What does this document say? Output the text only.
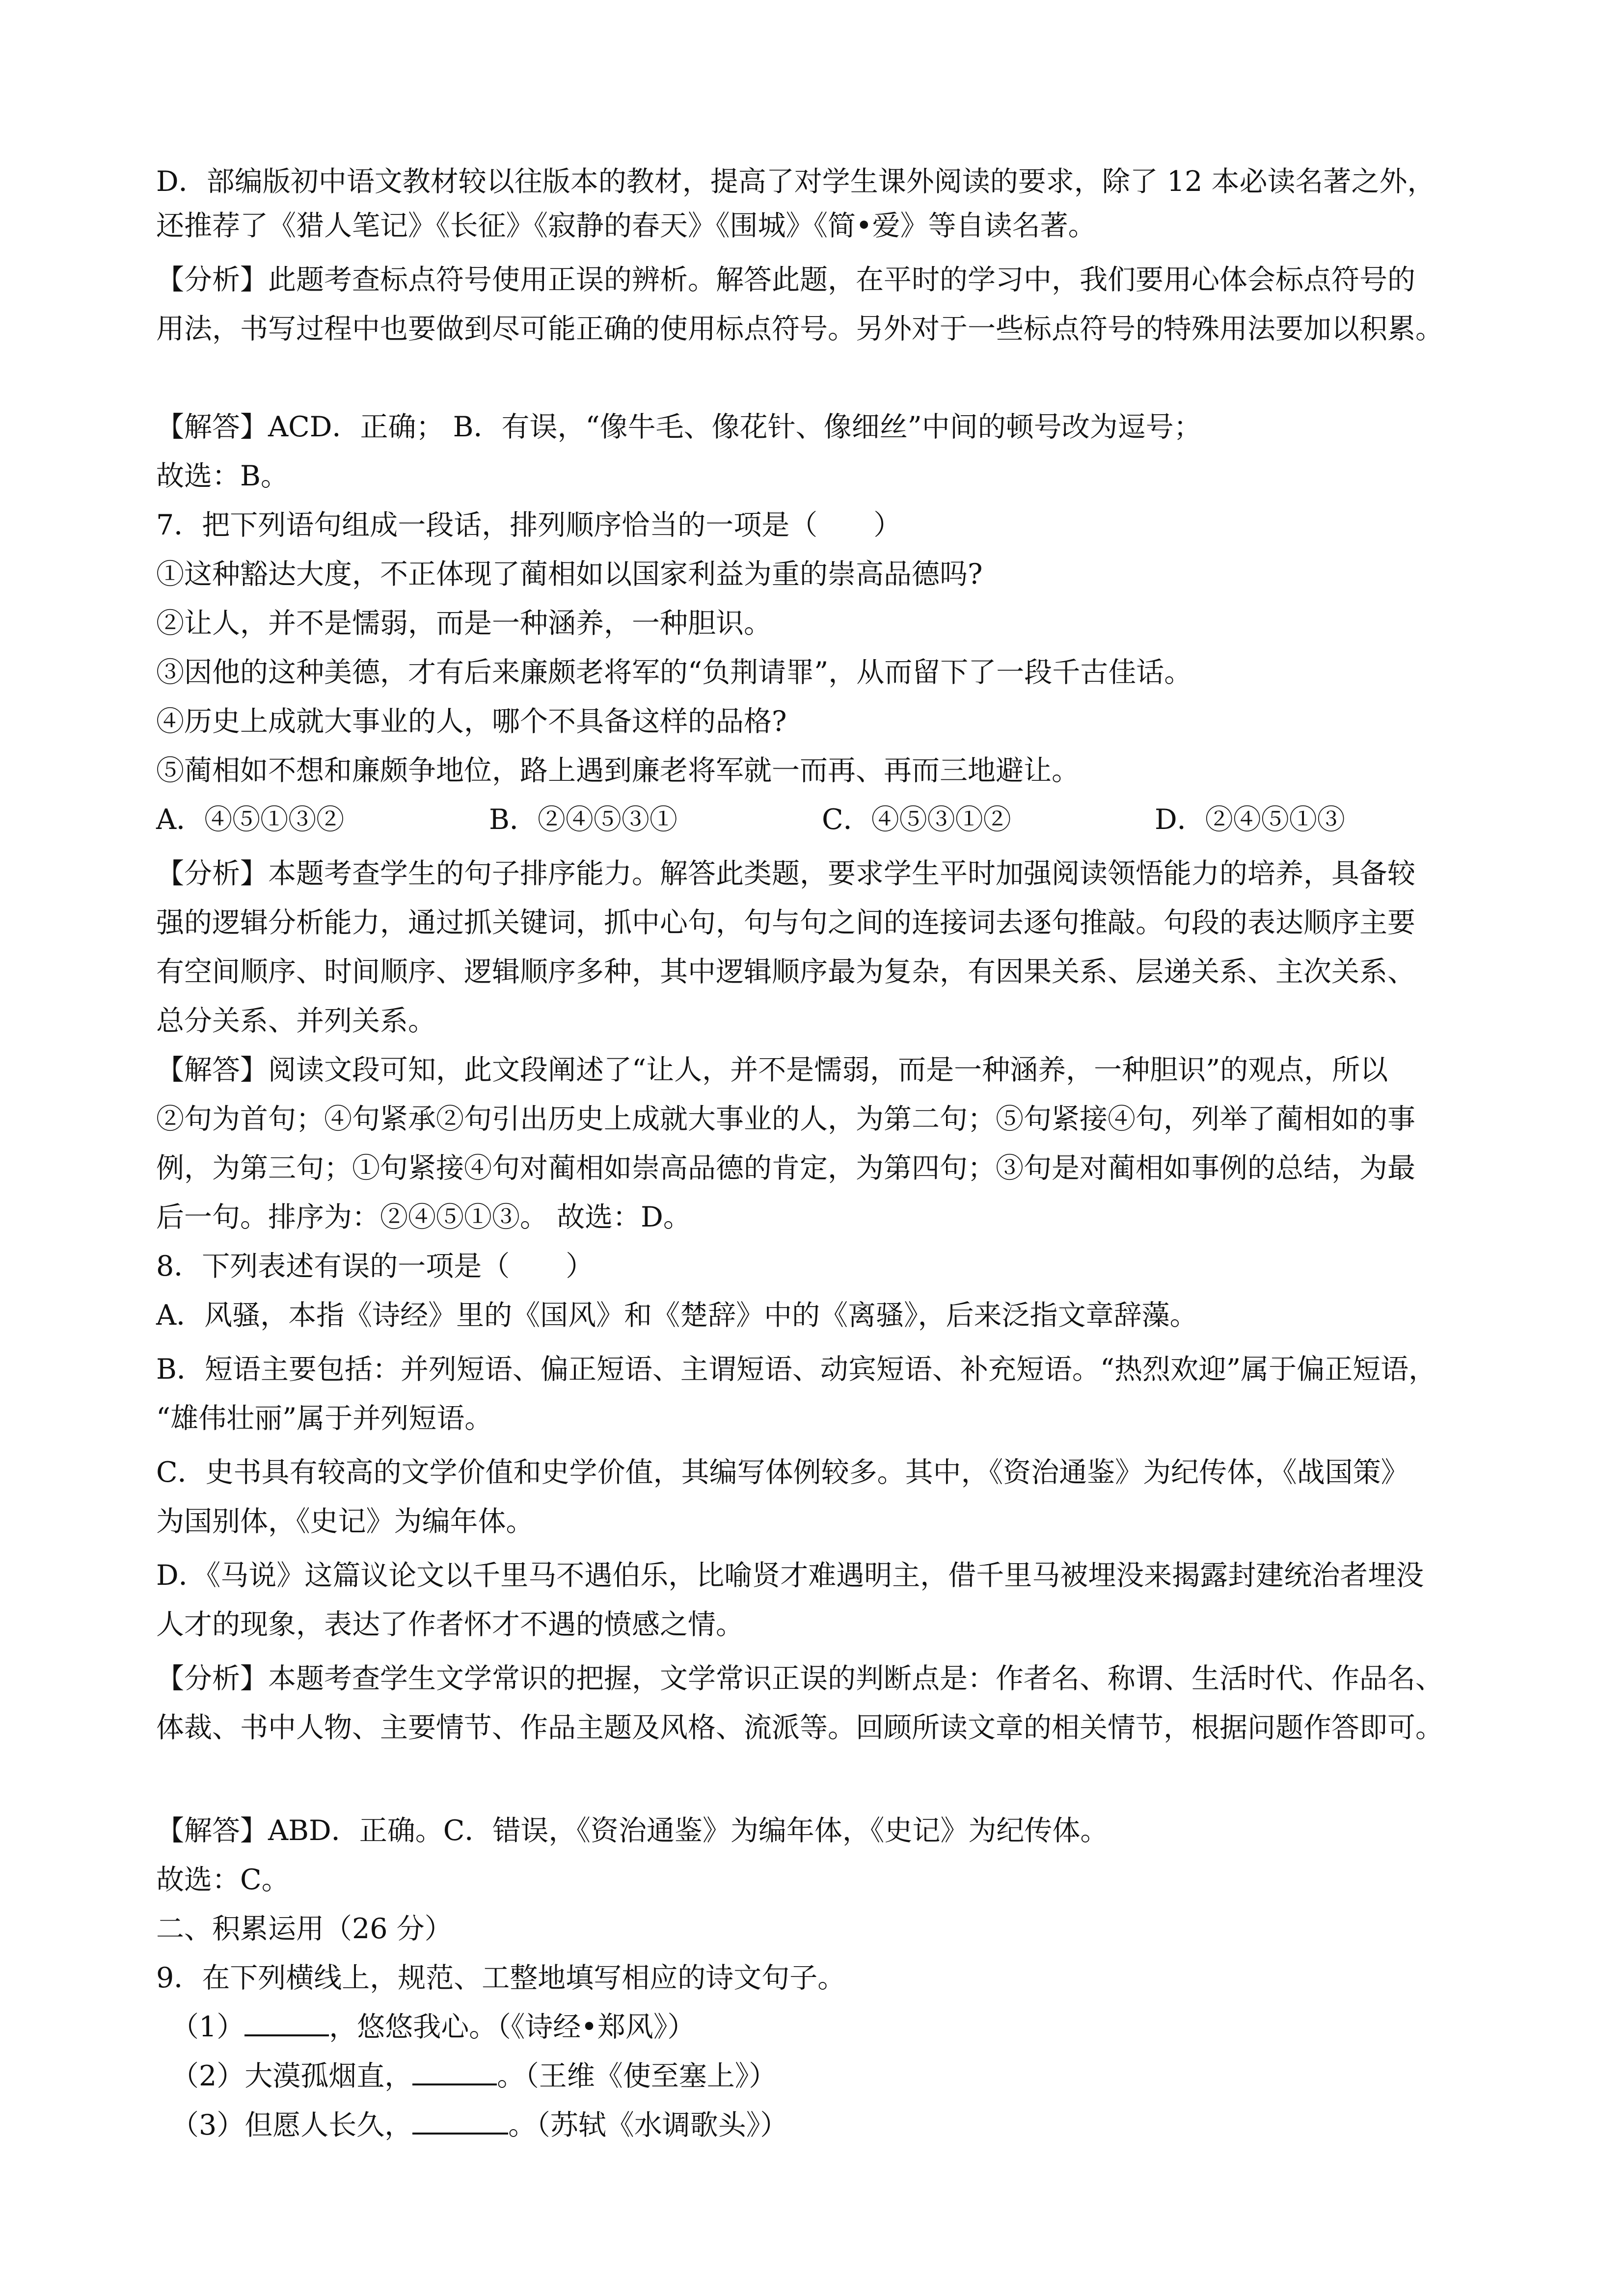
D．部编版初中语文教材较以往版本的教材，提高了对学生课外阅读的要求，除了 12 本必读名著之外，
还推荐了《猎人笔记》《长征》《寂静的春天》《围城》《简•爱》等自读名著。
【分析】此题考查标点符号使用正误的辨析。解答此题，在平时的学习中，我们要用心体会标点符号的
用法，书写过程中也要做到尽可能正确的使用标点符号。另外对于一些标点符号的特殊用法要加以积累。
【解答】ACD．正确； B．有误，“像牛毛、像花针、像细丝”中间的顿号改为逗号；
故选：B。
7．把下列语句组成一段话，排列顺序恰当的一项是（　　）
①这种豁达大度，不正体现了蔺相如以国家利益为重的崇高品德吗?
②让人，并不是懦弱，而是一种涵养，一种胆识。
③因他的这种美德，才有后来廉颇老将军的“负荆请罪”，从而留下了一段千古佳话。
④历史上成就大事业的人，哪个不具备这样的品格?
⑤蔺相如不想和廉颇争地位，路上遇到廉老将军就一而再、再而三地避让。
A．④⑤①③②	B．②④⑤③①	C．④⑤③①②	D．②④⑤①③
【分析】本题考查学生的句子排序能力。解答此类题，要求学生平时加强阅读领悟能力的培养，具备较
强的逻辑分析能力，通过抓关键词，抓中心句，句与句之间的连接词去逐句推敲。句段的表达顺序主要
有空间顺序、时间顺序、逻辑顺序多种，其中逻辑顺序最为复杂，有因果关系、层递关系、主次关系、
总分关系、并列关系。
【解答】阅读文段可知，此文段阐述了“让人，并不是懦弱，而是一种涵养，一种胆识”的观点，所以
②句为首句；④句紧承②句引出历史上成就大事业的人，为第二句；⑤句紧接④句，列举了蔺相如的事
例，为第三句；①句紧接④句对蔺相如崇高品德的肯定，为第四句；③句是对蔺相如事例的总结，为最
后一句。排序为：②④⑤①③。 故选：D。
8．下列表述有误的一项是（　　）
A．风骚，本指《诗经》里的《国风》和《楚辞》中的《离骚》，后来泛指文章辞藻。
B．短语主要包括：并列短语、偏正短语、主谓短语、动宾短语、补充短语。“热烈欢迎”属于偏正短语，
“雄伟壮丽”属于并列短语。
C．史书具有较高的文学价值和史学价值，其编写体例较多。其中，《资治通鉴》为纪传体，《战国策》
为国别体，《史记》为编年体。
D．《马说》这篇议论文以千里马不遇伯乐，比喻贤才难遇明主，借千里马被埋没来揭露封建统治者埋没
人才的现象，表达了作者怀才不遇的愤感之情。
【分析】本题考查学生文学常识的把握，文学常识正误的判断点是：作者名、称谓、生活时代、作品名、
体裁、书中人物、主要情节、作品主题及风格、流派等。回顾所读文章的相关情节，根据问题作答即可。
【解答】ABD．正确。C．错误，《资治通鉴》为编年体，《史记》为纪传体。
故选：C。
二、积累运用（26 分）
9．在下列横线上，规范、工整地填写相应的诗文句子。
（1）	，悠悠我心。（《诗经•郑风》）
（2）大漠孤烟直，	。（王维《使至塞上》）
（3）但愿人长久，	。（苏轼《水调歌头》）
